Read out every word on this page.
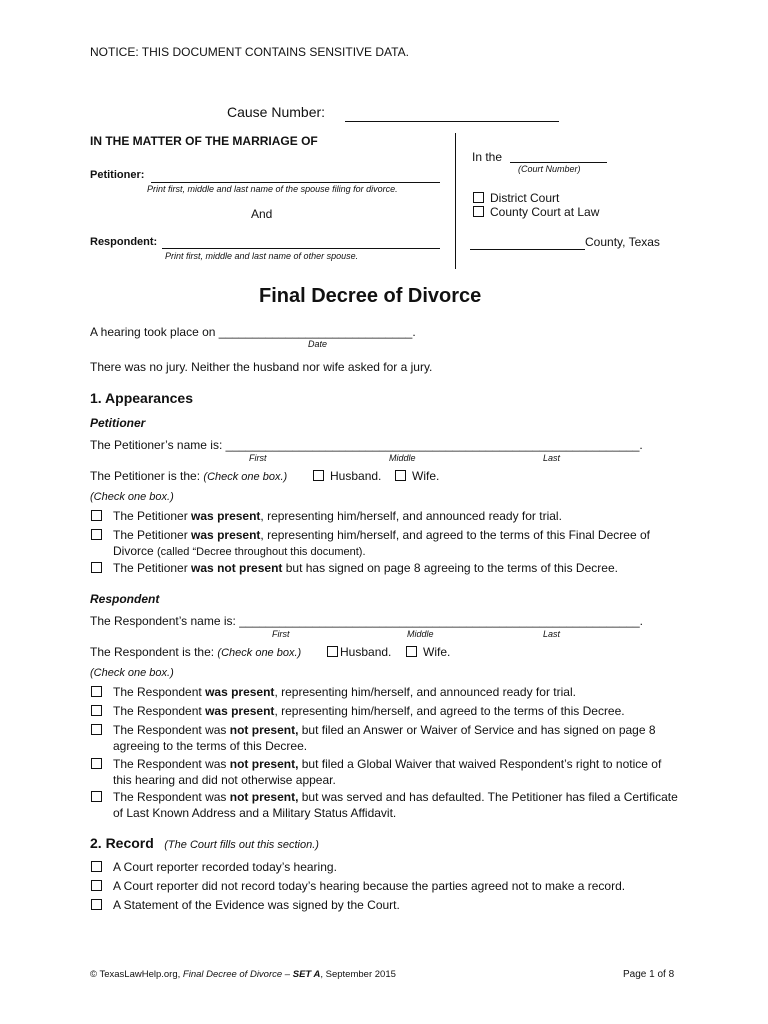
NOTICE: THIS DOCUMENT CONTAINS SENSITIVE DATA.
Cause Number:
IN THE MATTER OF THE MARRIAGE OF
Petitioner:
Print first, middle and last name of the spouse filing for divorce.
And
Respondent:
Print first, middle and last name of other spouse.
In the
(Court Number)
District Court
County Court at Law
County, Texas
Final Decree of Divorce
A hearing took place on _____________________________.
Date
There was no jury. Neither the husband nor wife asked for a jury.
1. Appearances
Petitioner
The Petitioner’s name is: ______________________________________________________________.
First	Middle	Last
The Petitioner is the: (Check one box.)	Husband.	Wife.
(Check one box.)
The Petitioner was present, representing him/herself, and announced ready for trial.
The Petitioner was present, representing him/herself, and agreed to the terms of this Final Decree of Divorce (called “Decree throughout this document).
The Petitioner was not present but has signed on page 8 agreeing to the terms of this Decree.
Respondent
The Respondent’s name is: ____________________________________________________________.
First	Middle	Last
The Respondent is the: (Check one box.)	Husband.	Wife.
(Check one box.)
The Respondent was present, representing him/herself, and announced ready for trial.
The Respondent was present, representing him/herself, and agreed to the terms of this Decree.
The Respondent was not present, but filed an Answer or Waiver of Service and has signed on page 8 agreeing to the terms of this Decree.
The Respondent was not present, but filed a Global Waiver that waived Respondent’s right to notice of this hearing and did not otherwise appear.
The Respondent was not present, but was served and has defaulted. The Petitioner has filed a Certificate of Last Known Address and a Military Status Affidavit.
2. Record (The Court fills out this section.)
A Court reporter recorded today’s hearing.
A Court reporter did not record today’s hearing because the parties agreed not to make a record.
A Statement of the Evidence was signed by the Court.
© TexasLawHelp.org, Final Decree of Divorce – SET A, September 2015	Page 1 of 8
